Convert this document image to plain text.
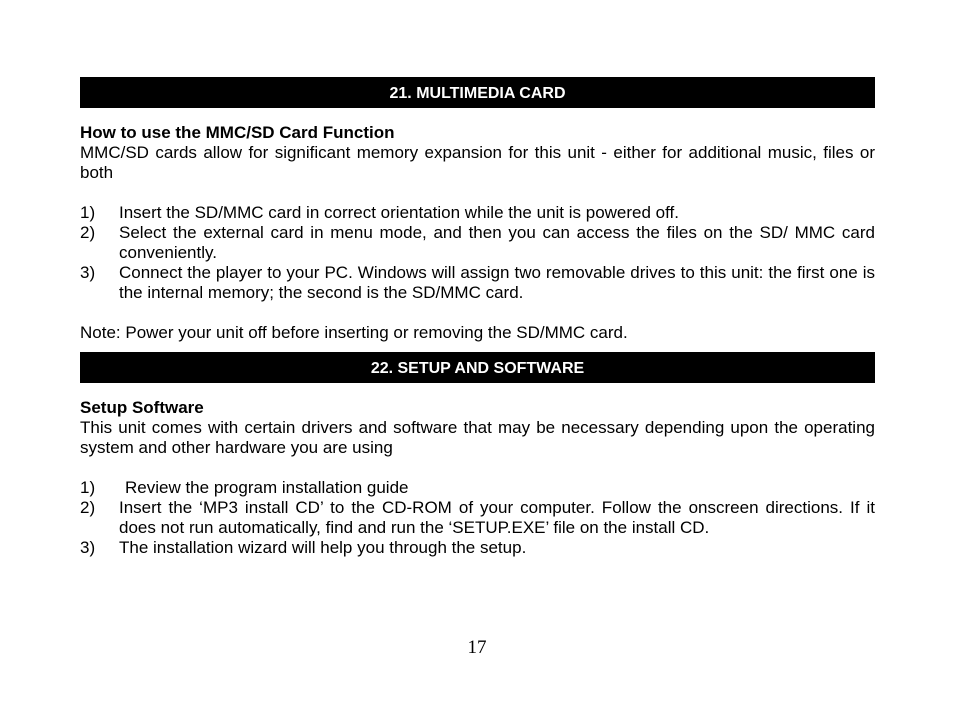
21. MULTIMEDIA CARD

How to use the MMC/SD Card Function

MMC/SD cards allow for significant memory expansion for this unit - either for additional music, files or both

1) Insert the SD/MMC card in correct orientation while the unit is powered off.
2) Select the external card in menu mode, and then you can access the files on the SD/ MMC card conveniently.
3) Connect the player to your PC. Windows will assign two removable drives to this unit: the first one is the internal memory; the second is the SD/MMC card.

Note: Power your unit off before inserting or removing the SD/MMC card.

22. SETUP AND SOFTWARE

Setup Software

This unit comes with certain drivers and software that may be necessary depending upon the operating system and other hardware you are using

1) Review the program installation guide
2) Insert the ‘MP3 install CD’ to the CD-ROM of your computer. Follow the onscreen directions. If it does not run automatically, find and run the ‘SETUP.EXE’ file on the install CD.
3) The installation wizard will help you through the setup.
17
